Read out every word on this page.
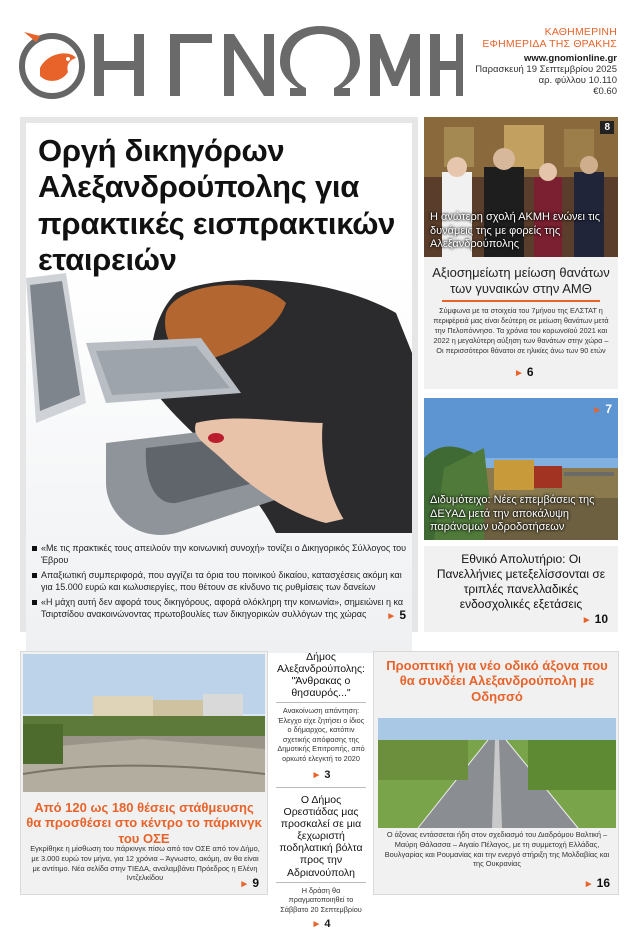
ΚΑΘΗΜΕΡΙΝΗ
ΕΦΗΜΕΡΙΔΑ ΤΗΣ ΘΡΑΚΗΣ
www.gnomionline.gr
Παρασκευή 19 Σεπτεμβρίου 2025
αρ. φύλλου 10.110
€0.60
Οργή δικηγόρων Αλεξανδρούπολης για πρακτικές εισπρακτικών εταιρειών
«Με τις πρακτικές τους απειλούν την κοινωνική συνοχή» τονίζει ο Δικηγορικός Σύλλογος του Έβρου
Απαξιωτική συμπεριφορά, που αγγίζει τα όρια του ποινικού δικαίου, κατασχέσεις ακόμη και για 15.000 ευρώ και κωλυσιεργίες, που θέτουν σε κίνδυνο τις ρυθμίσεις των δανείων
«Η μάχη αυτή δεν αφορά τους δικηγόρους, αφορά ολόκληρη την κοινωνία», σημειώνει η κα Τσιρτσίδου ανακοινώνοντας πρωτοβουλίες των δικηγορικών συλλόγων της χώρας	► 5
8
Η ανώτερη σχολή ΑΚΜΗ ενώνει τις δυνάμεις της με φορείς της Αλεξανδρούπολης
Αξιοσημείωτη μείωση θανάτων των γυναικών στην ΑΜΘ

Σύμφωνα με τα στοιχεία του 7μήνου της ΕΛΣΤΑΤ η περιφέρειά μας είναι δεύτερη σε μείωση θανάτων μετά την Πελοπόννησο. Τα χρόνια του κορωνοϊού 2021 και 2022 η μεγαλύτερη αύξηση των θανάτων στην χώρα – Οι περισσότεροι θάνατοι σε ηλικίες άνω των 90 ετών

► 6
► 7
Διδυμότειχο: Νέες επεμβάσεις της ΔΕΥΑΔ μετά την αποκάλυψη παράνομων υδροδοτήσεων
Εθνικό Απολυτήριο: Οι Πανελλήνιες μετεξελίσσονται σε τριπλές πανελλαδικές ενδοσχολικές εξετάσεις
► 10
Από 120 ως 180 θέσεις στάθμευσης θα προσθέσει στο κέντρο το πάρκινγκ του ΟΣΕ

Εγκρίθηκε η μίσθωση του πάρκινγκ πίσω από τον ΟΣΕ από τον Δήμο, με 3.000 ευρώ τον μήνα, για 12 χρόνια – Άγνωστο, ακόμη, αν θα είναι με αντίτιμο. Νέα σελίδα στην ΤΙΕΔΑ, αναλαμβάνει Πρόεδρος η Ελένη Ιντζελκίδου

► 9
Δήμος Αλεξανδρούπολης: "Άνθρακας ο θησαυρός..."

Ανακοίνωση απάντηση: Έλεγχο είχε ζητήσει ο ίδιος ο δήμαρχος, κατόπιν σχετικής απόφασης της Δημοτικής Επιτροπής, από ορκωτό ελεγκτή το 2020

► 3
Ο Δήμος Ορεστιάδας μας προσκαλεί σε μια ξεχωριστή ποδηλατική βόλτα προς την Αδριανούπολη

Η δράση θα πραγματοποιηθεί το Σάββατο 20 Σεπτεμβρίου

► 4
Προοπτική για νέο οδικό άξονα που θα συνδέει Αλεξανδρούπολη με Οδησσό

Ο άξονας εντάσσεται ήδη στον σχεδιασμό του Διαδρόμου Βαλτική – Μαύρη Θάλασσα – Αιγαίο Πέλαγος, με τη συμμετοχή Ελλάδας, Βουλγαρίας και Ρουμανίας και την ενεργό στήριξη της Μολδαβίας και της Ουκρανίας

► 16
